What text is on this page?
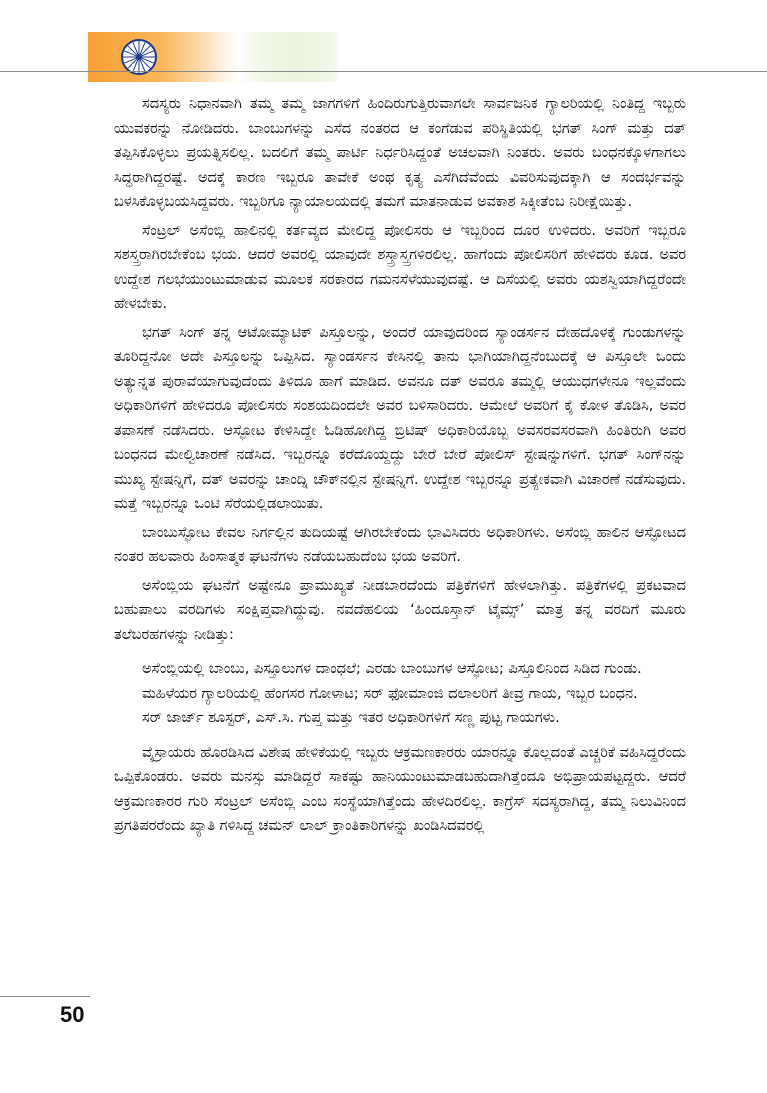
ಸದಸ್ಯರು ನಿಧಾನವಾಗಿ ತಮ್ಮ ತಮ್ಮ ಜಾಗಗಳಿಗೆ ಹಿಂದಿರುಗುತ್ತಿರುವಾಗಲೇ ಸಾರ್ವಜನಿಕ ಗ್ಯಾಲರಿಯಲ್ಲಿ ನಿಂತಿದ್ದ ಇಬ್ಬರು ಯುವಕರನ್ನು ನೋಡಿದರು. ಬಾಂಬುಗಳನ್ನು ಎಸೆದ ನಂತರದ ಆ ಕಂಗೆಡುವ ಪರಿಸ್ಥಿತಿಯಲ್ಲಿ ಭಗತ್ ಸಿಂಗ್ ಮತ್ತು ದತ್ ತಪ್ಪಿಸಿಕೊಳ್ಳಲು ಪ್ರಯತ್ನಿಸಲಿಲ್ಲ. ಬದಲಿಗೆ ತಮ್ಮ ಪಾರ್ಟಿ ನಿರ್ಧರಿಸಿದ್ದಂತೆ ಅಚಲವಾಗಿ ನಿಂತರು. ಅವರು ಬಂಧನಕ್ಕೊಳಗಾಗಲು ಸಿದ್ಧರಾಗಿದ್ದರಷ್ಟೆ. ಅದಕ್ಕೆ ಕಾರಣ ಇಬ್ಬರೂ ತಾವೇಕೆ ಅಂಥ ಕೃತ್ಯ ಎಸೆಗಿದೆವೆಂದು ವಿವರಿಸುವುದಕ್ಕಾಗಿ ಆ ಸಂದರ್ಭವನ್ನು ಬಳಸಿಕೊಳ್ಳಬಯಸಿದ್ದವರು. ಇಬ್ಬರಿಗೂ ನ್ಯಾಯಾಲಯದಲ್ಲಿ ತಮಗೆ ಮಾತನಾಡುವ ಅವಕಾಶ ಸಿಕ್ಕೀತೆಂಬ ನಿರೀಕ್ಷೆಯಿತ್ತು.

ಸೆಂಟ್ರಲ್ ಅಸೆಂಬ್ಲಿ ಹಾಲಿನಲ್ಲಿ ಕರ್ತವ್ಯದ ಮೇಲಿದ್ದ ಪೋಲಿಸರು ಆ ಇಬ್ಬರಿಂದ ದೂರ ಉಳಿದರು. ಅವರಿಗೆ ಇಬ್ಬರೂ ಸಶಸ್ತ್ರರಾಗಿರಬೇಕೆಂಬ ಭಯ. ಆದರೆ ಅವರಲ್ಲಿ ಯಾವುದೇ ಶಸ್ತ್ರಾಸ್ತ್ರಗಳಿರಲಿಲ್ಲ. ಹಾಗೆಂದು ಪೋಲಿಸರಿಗೆ ಹೇಳಿದರು ಕೂಡ. ಅವರ ಉದ್ದೇಶ ಗಲಭೆಯುಂಟುಮಾಡುವ ಮೂಲಕ ಸರಕಾರದ ಗಮನಸೆಳೆಯುವುದಷ್ಟೆ. ಆ ದಿಸೆಯಲ್ಲಿ ಅವರು ಯಶಸ್ವಿಯಾಗಿದ್ದರೆಂದೇ ಹೇಳಬೇಕು.

ಭಗತ್ ಸಿಂಗ್ ತನ್ನ ಆಟೋಮ್ಯಾಟಿಕ್ ಪಿಸ್ತೂಲನ್ನು, ಅಂದರೆ ಯಾವುದರಿಂದ ಸ್ಯಾಂಡರ್ಸನ ದೇಹದೊಳಕ್ಕೆ ಗುಂಡುಗಳನ್ನು ತೂರಿದ್ದನೋ ಅದೇ ಪಿಸ್ತೂಲನ್ನು ಒಪ್ಪಿಸಿದ. ಸ್ಯಾಂಡರ್ಸನ ಕೇಸಿನಲ್ಲಿ ತಾನು ಭಾಗಿಯಾಗಿದ್ದನೆಂಬುದಕ್ಕೆ ಆ ಪಿಸ್ತೂಲೇ ಒಂದು ಅತ್ಯುನ್ನತ ಪುರಾವೆಯಾಗುವುದೆಂದು ತಿಳಿದೂ ಹಾಗೆ ಮಾಡಿದ. ಅವನೂ ದತ್ ಅವರೂ ತಮ್ಮಲ್ಲಿ ಆಯುಧಗಳೇನೂ ಇಲ್ಲವೆಂದು ಅಧಿಕಾರಿಗಳಿಗೆ ಹೇಳಿದರೂ ಪೋಲಿಸರು ಸಂಶಯದಿಂದಲೇ ಅವರ ಬಳಿಸಾರಿದರು. ಆಮೇಲೆ ಅವರಿಗೆ ಕೈ ಕೋಳ ತೊಡಿಸಿ, ಅವರ ತಪಾಸಣೆ ನಡೆಸಿದರು. ಆಸ್ಫೋಟ ಕೇಳಿಸಿದ್ದೇ ಓಡಿಹೋಗಿದ್ದ ಬ್ರಿಟಿಷ್ ಅಧಿಕಾರಿಯೊಬ್ಬ ಅವಸರವಸರವಾಗಿ ಹಿಂತಿರುಗಿ ಅವರ ಬಂಧನದ ಮೇಲ್ವಿಚಾರಣೆ ನಡೆಸಿದ. ಇಬ್ಬರನ್ನೂ ಕರೆದೊಯ್ದದ್ದು ಬೇರೆ ಬೇರೆ ಪೋಲಿಸ್ ಸ್ಟೇಷನ್ನುಗಳಿಗೆ. ಭಗತ್ ಸಿಂಗ್‌ನನ್ನು ಮುಖ್ಯ ಸ್ಟೇಷನ್ನಿಗೆ, ದತ್ ಅವರನ್ನು ಚಾಂದ್ನಿ ಚೌಕ್‌ನಲ್ಲಿನ ಸ್ಟೇಷನ್ನಿಗೆ. ಉದ್ದೇಶ ಇಬ್ಬರನ್ನೂ ಪ್ರತ್ಯೇಕವಾಗಿ ವಿಚಾರಣೆ ನಡೆಸುವುದು. ಮತ್ತೆ ಇಬ್ಬರನ್ನೂ ಒಂಟಿ ಸೆರೆಯಲ್ಲಿಡಲಾಯಿತು.

ಬಾಂಬುಸ್ಫೋಟ ಕೇವಲ ನಿರ್ಗಲ್ಲಿನ ತುದಿಯಷ್ಟೆ ಆಗಿರಬೇಕೆಂದು ಭಾವಿಸಿದರು ಅಧಿಕಾರಿಗಳು. ಅಸೆಂಬ್ಲಿ ಹಾಲಿನ ಆಸ್ಫೋಟದ ನಂತರ ಹಲವಾರು ಹಿಂಸಾತ್ಮಕ ಘಟನೆಗಳು ನಡೆಯಬಹುದೆಂಬ ಭಯ ಅವರಿಗೆ.

ಅಸೆಂಬ್ಲಿಯ ಘಟನೆಗೆ ಅಷ್ಟೇನೂ ಪ್ರಾಮುಖ್ಯತೆ ನೀಡಬಾರದೆಂದು ಪತ್ರಿಕೆಗಳಿಗೆ ಹೇಳಲಾಗಿತ್ತು. ಪತ್ರಿಕೆಗಳಲ್ಲಿ ಪ್ರಕಟವಾದ ಬಹುಪಾಲು ವರದಿಗಳು ಸಂಕ್ಷಿಪ್ತವಾಗಿದ್ದುವು. ನವದೆಹಲಿಯ ‘ಹಿಂದೂಸ್ತಾನ್ ಟೈಮ್ಸ್’ ಮಾತ್ರ ತನ್ನ ವರದಿಗೆ ಮೂರು ತಲೆಬರಹಗಳನ್ನು ನೀಡಿತ್ತು:

ಅಸೆಂಬ್ಲಿಯಲ್ಲಿ ಬಾಂಬು, ಪಿಸ್ತೂಲುಗಳ ದಾಂಧಲೆ; ಎರಡು ಬಾಂಬುಗಳ ಆಸ್ಫೋಟ; ಪಿಸ್ತೂಲಿನಿಂದ ಸಿಡಿದ ಗುಂಡು.

ಮಹಿಳೆಯರ ಗ್ಯಾಲರಿಯಲ್ಲಿ ಹೆಂಗಸರ ಗೋಳಾಟ; ಸರ್ ಫೋಮಾಂಜಿ ದಲಾಲರಿಗೆ ತೀವ್ರ ಗಾಯ, ಇಬ್ಬರ ಬಂಧನ.

ಸರ್ ಜಾರ್ಜ್ ಶೂಸ್ಟರ್, ಎಸ್.ಸಿ. ಗುಪ್ತ ಮತ್ತು ಇತರ ಅಧಿಕಾರಿಗಳಿಗೆ ಸಣ್ಣ ಪುಟ್ಟ ಗಾಯಗಳು.

ವೈಸ್ರಾಯರು ಹೊರಡಿಸಿದ ವಿಶೇಷ ಹೇಳಿಕೆಯಲ್ಲಿ ಇಬ್ಬರು ಆಕ್ರಮಣಕಾರರು ಯಾರನ್ನೂ ಕೊಲ್ಲದಂತೆ ಎಚ್ಚರಿಕೆ ವಹಿಸಿದ್ದರೆಂದು ಒಪ್ಪಿಕೊಂಡರು. ಅವರು ಮನಸ್ಸು ಮಾಡಿದ್ದರೆ ಸಾಕಷ್ಟು ಹಾನಿಯುಂಟುಮಾಡಬಹುದಾಗಿತ್ತೆಂದೂ ಅಭಿಪ್ರಾಯಪಟ್ಟದ್ದರು. ಆದರೆ ಆಕ್ರಮಣಕಾರರ ಗುರಿ ಸೆಂಟ್ರಲ್ ಅಸೆಂಬ್ಲಿ ಎಂಬ ಸಂಸ್ಥೆಯಾಗಿತ್ತೆಂದು ಹೇಳದಿರಲಿಲ್ಲ. ಕಾಗ್ರೆಸ್ ಸದಸ್ಯರಾಗಿದ್ದ, ತಮ್ಮ ನಿಲುವಿನಿಂದ ಪ್ರಗತಿಪರರೆಂದು ಖ್ಯಾತಿ ಗಳಿಸಿದ್ದ ಚಮನ್ ಲಾಲ್ ಕ್ರಾಂತಿಕಾರಿಗಳನ್ನು ಖಂಡಿಸಿದವರಲ್ಲಿ

50
